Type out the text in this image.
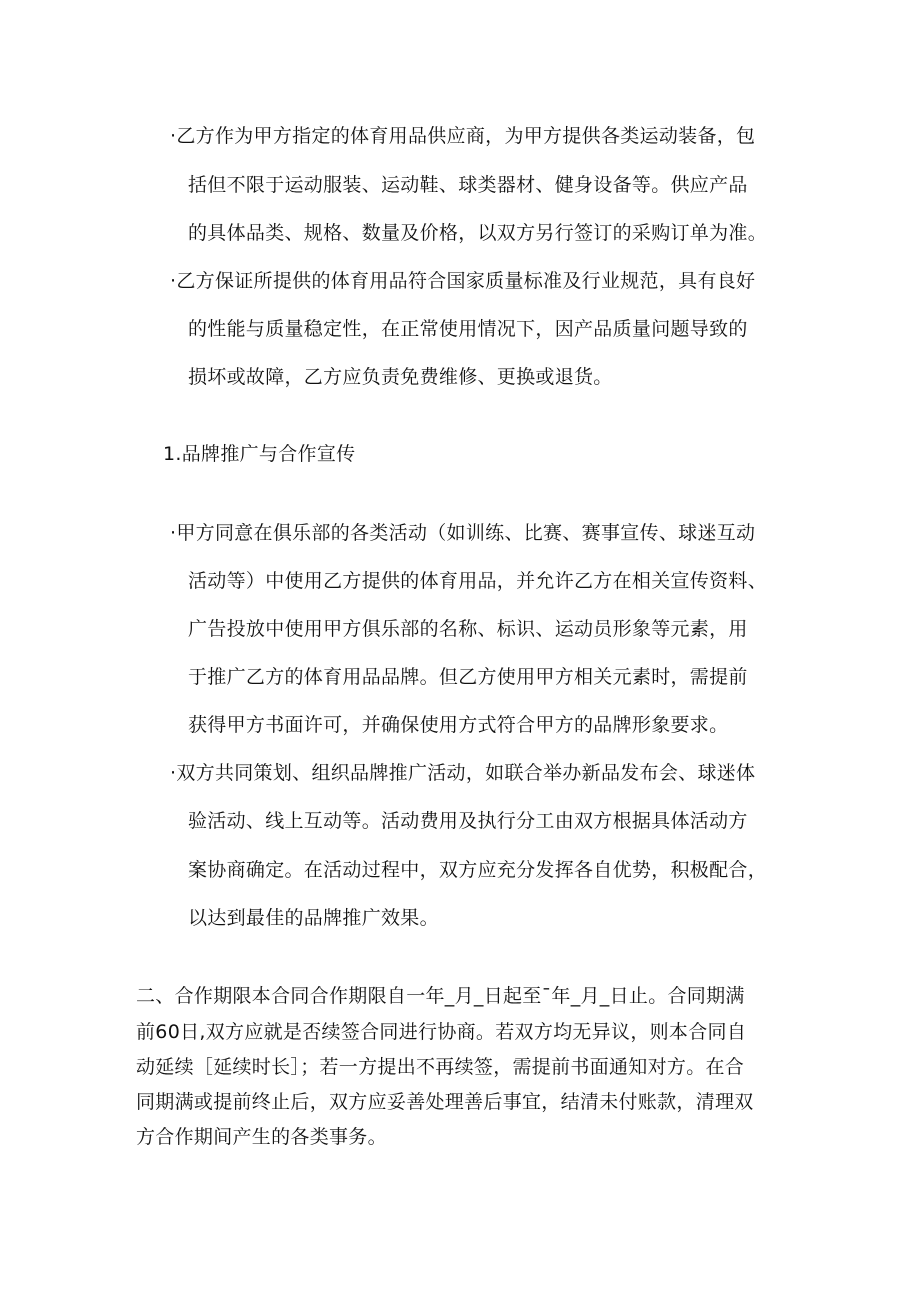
·乙方作为甲方指定的体育用品供应商，为甲方提供各类运动装备，包
括但不限于运动服装、运动鞋、球类器材、健身设备等。供应产品
的具体品类、规格、数量及价格，以双方另行签订的采购订单为准。
·乙方保证所提供的体育用品符合国家质量标准及行业规范，具有良好
的性能与质量稳定性，在正常使用情况下，因产品质量问题导致的
损坏或故障，乙方应负责免费维修、更换或退货。
1.品牌推广与合作宣传
·甲方同意在俱乐部的各类活动（如训练、比赛、赛事宣传、球迷互动
活动等）中使用乙方提供的体育用品，并允许乙方在相关宣传资料、
广告投放中使用甲方俱乐部的名称、标识、运动员形象等元素，用
于推广乙方的体育用品品牌。但乙方使用甲方相关元素时，需提前
获得甲方书面许可，并确保使用方式符合甲方的品牌形象要求。
·双方共同策划、组织品牌推广活动，如联合举办新品发布会、球迷体
验活动、线上互动等。活动费用及执行分工由双方根据具体活动方
案协商确定。在活动过程中，双方应充分发挥各自优势，积极配合，
以达到最佳的品牌推广效果。
二、合作期限本合同合作期限自一年_月_日起至¯年_月_日止。合同期满
前60日,双方应就是否续签合同进行协商。若双方均无异议，则本合同自
动延续［延续时长］；若一方提出不再续签，需提前书面通知对方。在合
同期满或提前终止后，双方应妥善处理善后事宜，结清未付账款，清理双
方合作期间产生的各类事务。
